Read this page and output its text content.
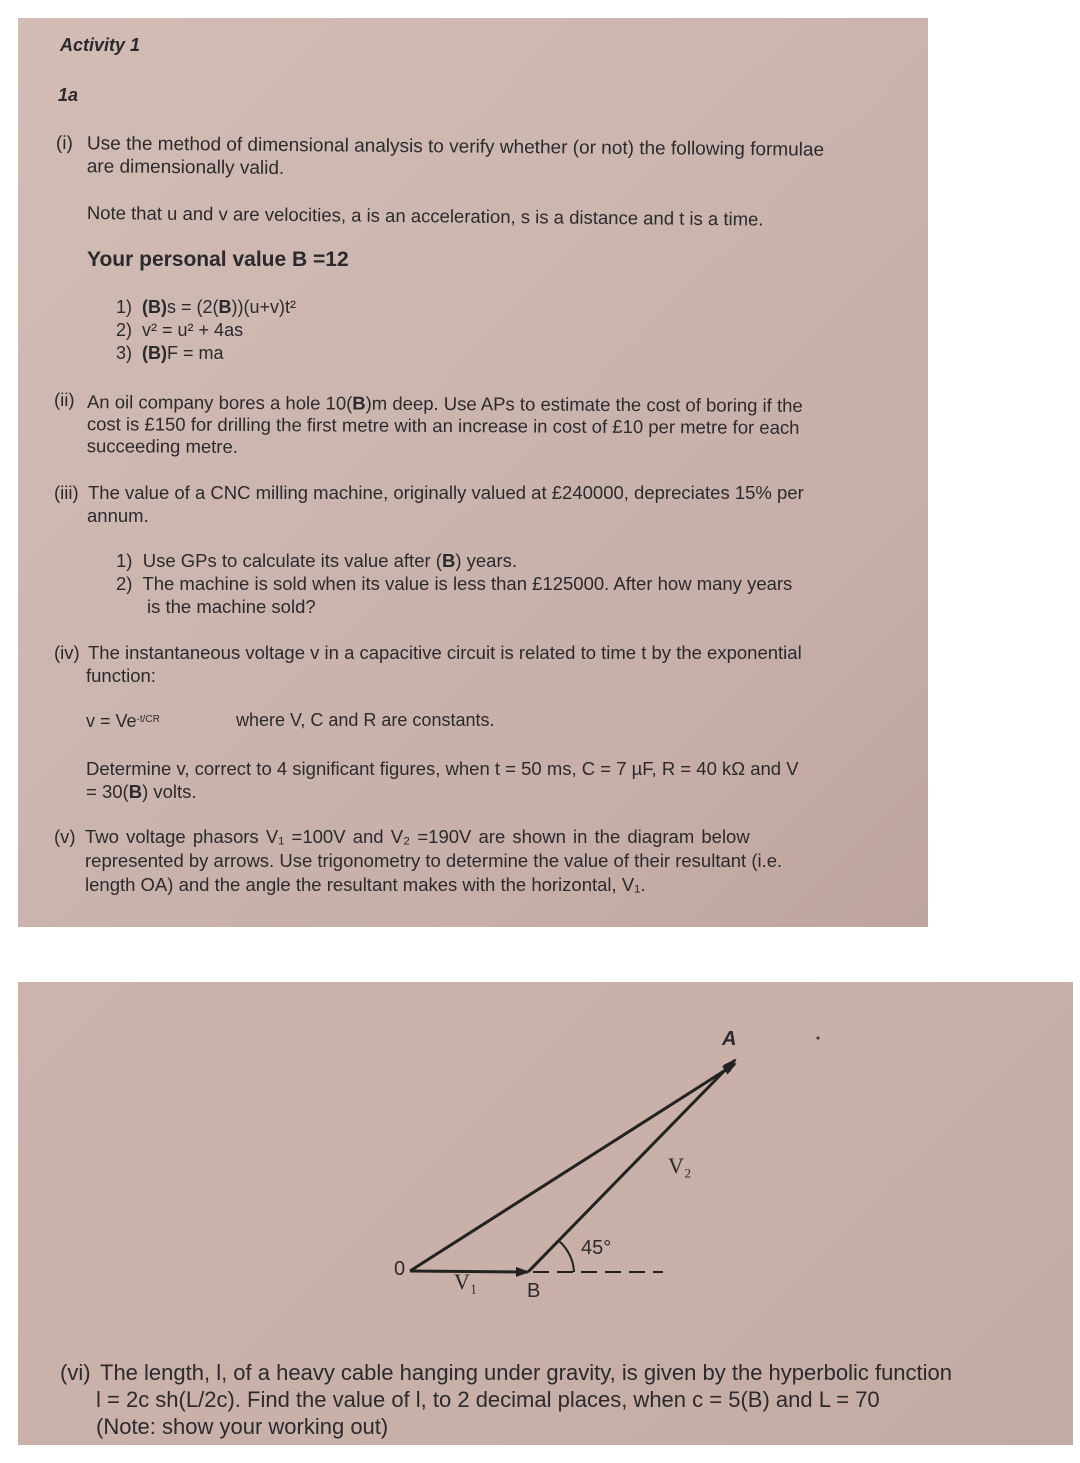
Activity 1
1a
(i) Use the method of dimensional analysis to verify whether (or not) the following formulae
are dimensionally valid.
Note that u and v are velocities, a is an acceleration, s is a distance and t is a time.
Your personal value B =12
1) (B)s = (2(B))(u+v)t²
2) v² = u² + 4as
3) (B)F = ma
(ii) An oil company bores a hole 10(B)m deep. Use APs to estimate the cost of boring if the
cost is £150 for drilling the first metre with an increase in cost of £10 per metre for each
succeeding metre.
(iii) The value of a CNC milling machine, originally valued at £240000, depreciates 15% per
annum.
1) Use GPs to calculate its value after (B) years.
2) The machine is sold when its value is less than £125000. After how many years
is the machine sold?
(iv) The instantaneous voltage v in a capacitive circuit is related to time t by the exponential
function:
$v = Ve^{-t/CR}$	where V, C and R are constants.
Determine v, correct to 4 significant figures, when t = 50 ms, C = 7 µF, R = 40 kΩ and V
= 30(B) volts.
(v) Two voltage phasors V₁ =100V and V₂ =190V are shown in the diagram below
represented by arrows. Use trigonometry to determine the value of their resultant (i.e.
length OA) and the angle the resultant makes with the horizontal, V₁.
0 V₁ B
45°
V₂
A
(vi) The length, l, of a heavy cable hanging under gravity, is given by the hyperbolic function
l = 2c sh(L/2c). Find the value of l, to 2 decimal places, when c = 5(B) and L = 70
(Note: show your working out)
